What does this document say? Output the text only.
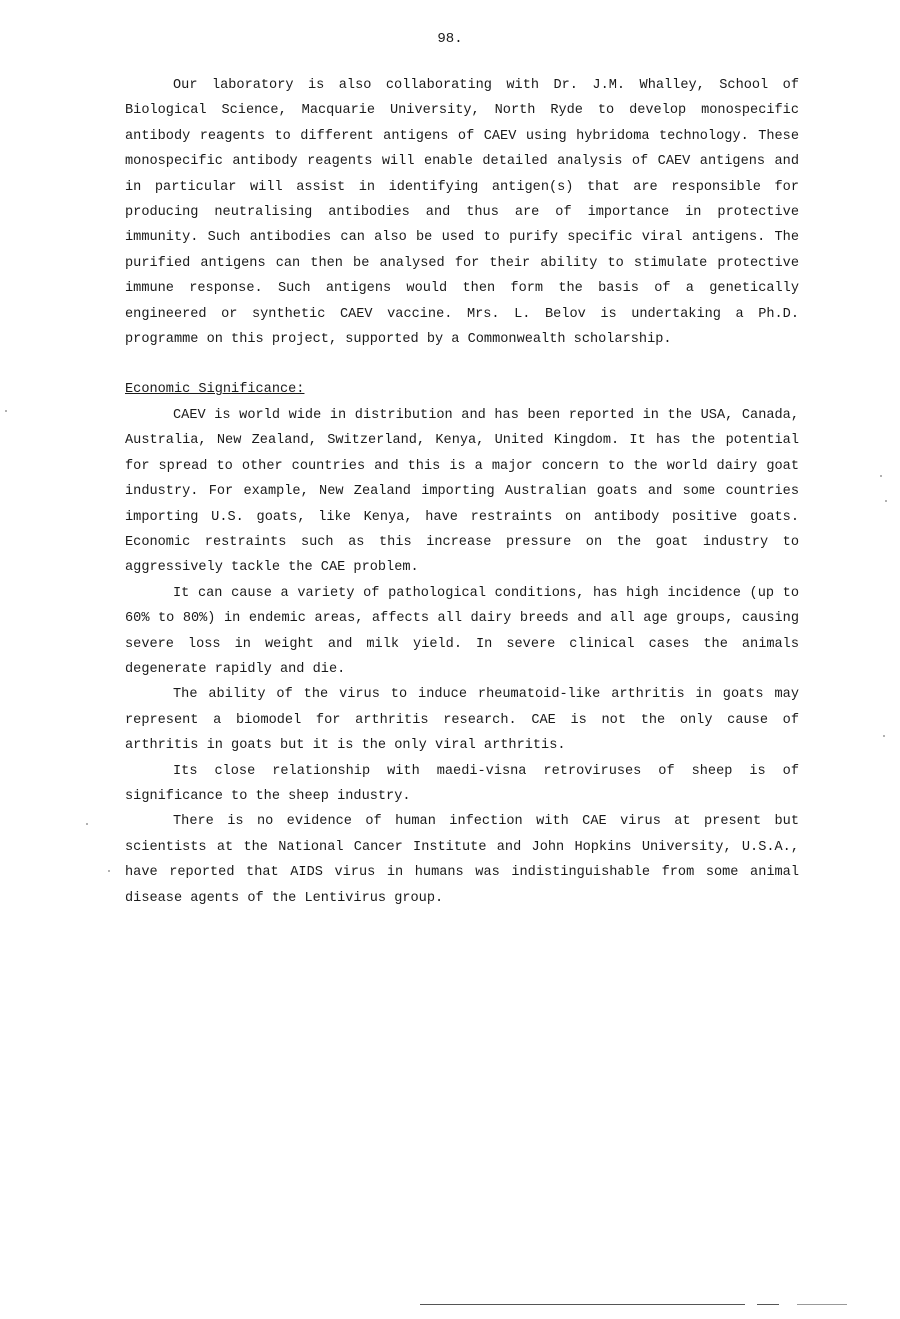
98.

Our laboratory is also collaborating with Dr. J.M. Whalley, School of Biological Science, Macquarie University, North Ryde to develop monospecific antibody reagents to different antigens of CAEV using hybridoma technology. These monospecific antibody reagents will enable detailed analysis of CAEV antigens and in particular will assist in identifying antigen(s) that are responsible for producing neutralising antibodies and thus are of importance in protective immunity. Such antibodies can also be used to purify specific viral antigens. The purified antigens can then be analysed for their ability to stimulate protective immune response. Such antigens would then form the basis of a genetically engineered or synthetic CAEV vaccine. Mrs. L. Belov is undertaking a Ph.D. programme on this project, supported by a Commonwealth scholarship.

Economic Significance:

CAEV is world wide in distribution and has been reported in the USA, Canada, Australia, New Zealand, Switzerland, Kenya, United Kingdom. It has the potential for spread to other countries and this is a major concern to the world dairy goat industry. For example, New Zealand importing Australian goats and some countries importing U.S. goats, like Kenya, have restraints on antibody positive goats. Economic restraints such as this increase pressure on the goat industry to aggressively tackle the CAE problem.

It can cause a variety of pathological conditions, has high incidence (up to 60% to 80%) in endemic areas, affects all dairy breeds and all age groups, causing severe loss in weight and milk yield. In severe clinical cases the animals degenerate rapidly and die.

The ability of the virus to induce rheumatoid-like arthritis in goats may represent a biomodel for arthritis research. CAE is not the only cause of arthritis in goats but it is the only viral arthritis.

Its close relationship with maedi-visna retroviruses of sheep is of significance to the sheep industry.

There is no evidence of human infection with CAE virus at present but scientists at the National Cancer Institute and John Hopkins University, U.S.A., have reported that AIDS virus in humans was indistinguishable from some animal disease agents of the Lentivirus group.
